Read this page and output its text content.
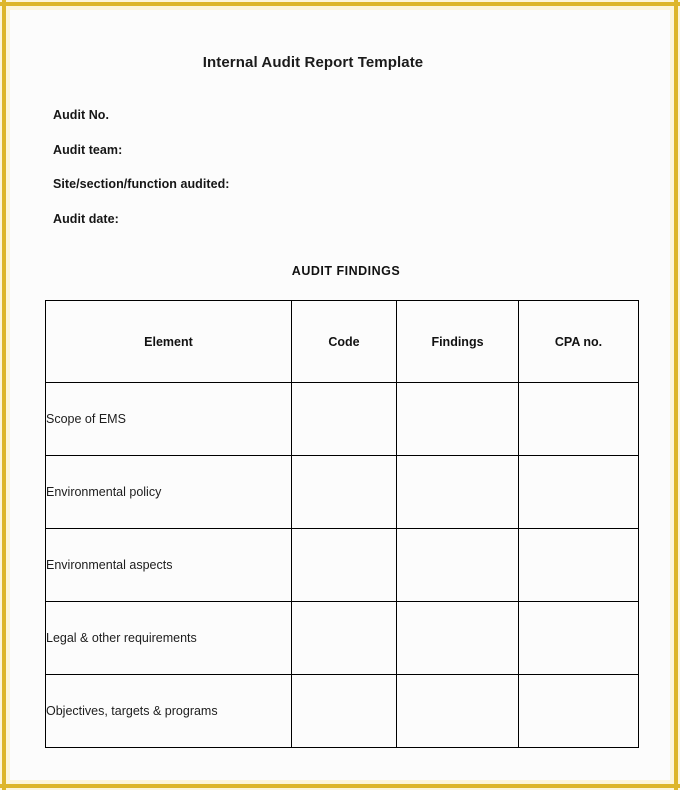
Internal Audit Report Template
Audit No.
Audit team:
Site/section/function audited:
Audit date:
AUDIT FINDINGS
Element	Code	Findings	CPA no.
Scope of EMS			
Environmental policy			
Environmental aspects			
Legal & other requirements			
Objectives, targets & programs			
